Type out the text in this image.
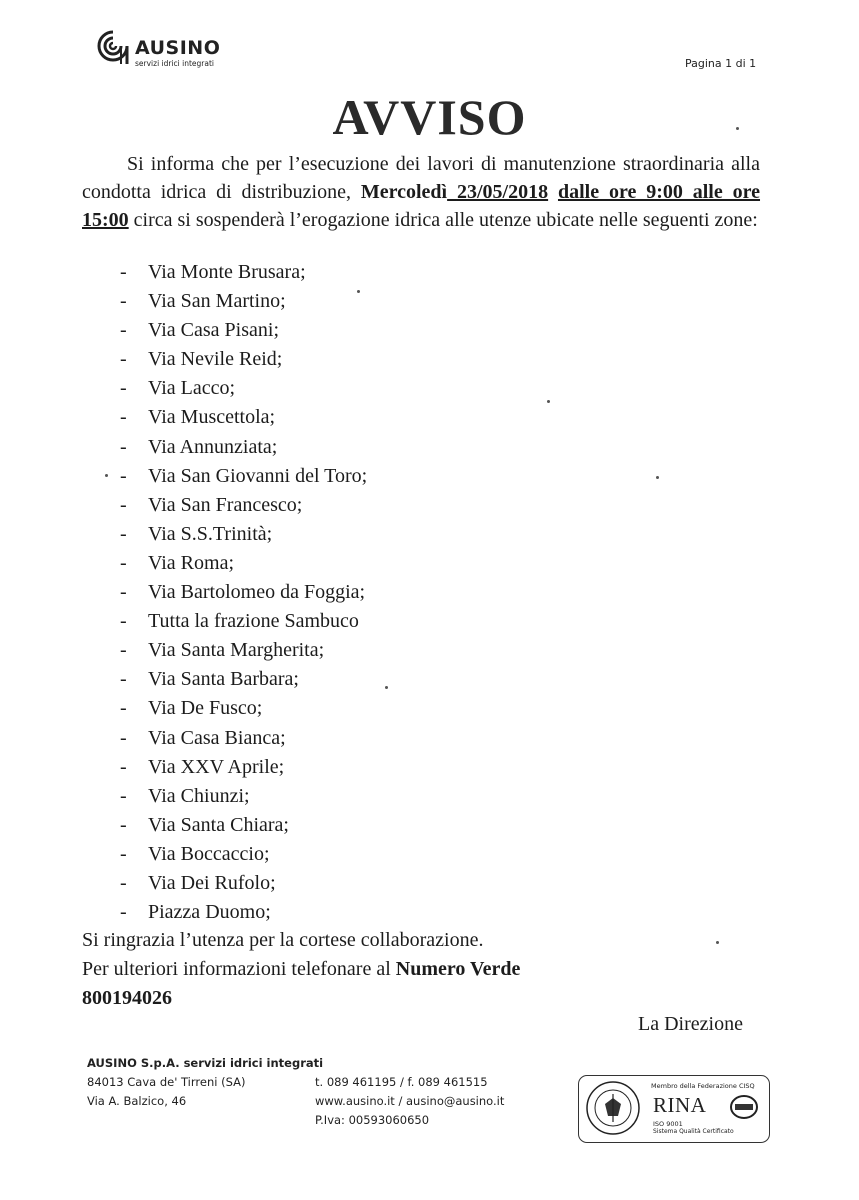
AUSINO
servizi idrici integrati	Pagina 1 di 1
AVVISO

Si informa che per l’esecuzione dei lavori di manutenzione straordinaria alla condotta idrica di distribuzione, Mercoledì 23/05/2018 dalle ore 9:00 alle ore 15:00 circa si sospenderà l’erogazione idrica alle utenze ubicate nelle seguenti zone:

- Via Monte Brusara;
- Via San Martino;
- Via Casa Pisani;
- Via Nevile Reid;
- Via Lacco;
- Via Muscettola;
- Via Annunziata;
- Via San Giovanni del Toro;
- Via San Francesco;
- Via S.S.Trinità;
- Via Roma;
- Via Bartolomeo da Foggia;
- Tutta la frazione Sambuco
- Via Santa Margherita;
- Via Santa Barbara;
- Via De Fusco;
- Via Casa Bianca;
- Via XXV Aprile;
- Via Chiunzi;
- Via Santa Chiara;
- Via Boccaccio;
- Via Dei Rufolo;
- Piazza Duomo;
Si ringrazia l’utenza per la cortese collaborazione.
Per ulteriori informazioni telefonare al Numero Verde
800194026
La Direzione
AUSINO S.p.A. servizi idrici integrati
84013 Cava de' Tirreni (SA)
Via A. Balzico, 46
t. 089 461195 / f. 089 461515
www.ausino.it / ausino@ausino.it
P.Iva: 00593060650
Membro della Federazione CISQ
RINA
ISO 9001
Sistema Qualità Certificato
